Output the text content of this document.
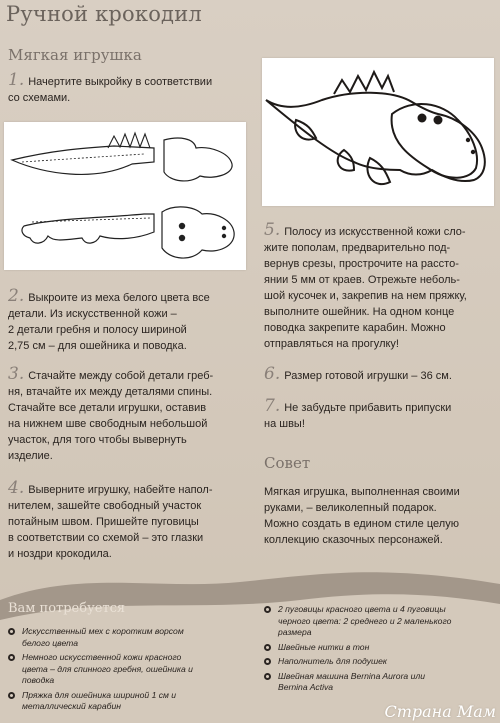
Ручной крокодил
Мягкая игрушка
1. Начертите выкройку в соответствии
со схемами.
2. Выкроите из меха белого цвета все
детали. Из искусственной кожи –
2 детали гребня и полосу шириной
2,75 см – для ошейника и поводка.
3. Стачайте между собой детали греб-
ня, втачайте их между деталями спины.
Стачайте все детали игрушки, оставив
на нижнем шве свободным небольшой
участок, для того чтобы вывернуть
изделие.
4. Выверните игрушку, набейте напол-
нителем, зашейте свободный участок
потайным швом. Пришейте пуговицы
в соответствии со схемой – это глазки
и ноздри крокодила.
5. Полосу из искусственной кожи сло-
жите пополам, предварительно под-
вернув срезы, прострочите на рассто-
янии 5 мм от краев. Отрежьте неболь-
шой кусочек и, закрепив на нем пряжку,
выполните ошейник. На одном конце
поводка закрепите карабин. Можно
отправляться на прогулку!
6. Размер готовой игрушки – 36 см.
7. Не забудьте прибавить припуски
на швы!
Совет
Мягкая игрушка, выполненная своими
руками, – великолепный подарок.
Можно создать в едином стиле целую
коллекцию сказочных персонажей.
Вам потребуется
Искусственный мех с коротким ворсом
белого цвета
Немного искусственной кожи красного
цвета – для спинного гребня, ошейника и
поводка
Пряжка для ошейника шириной 1 см и
металлический карабин
2 пуговицы красного цвета и 4 пуговицы
черного цвета: 2 среднего и 2 маленького
размера
Швейные нитки в тон
Наполнитель для подушек
Швейная машина Bernina Aurora или
Bernina Activa
Страна Мам
